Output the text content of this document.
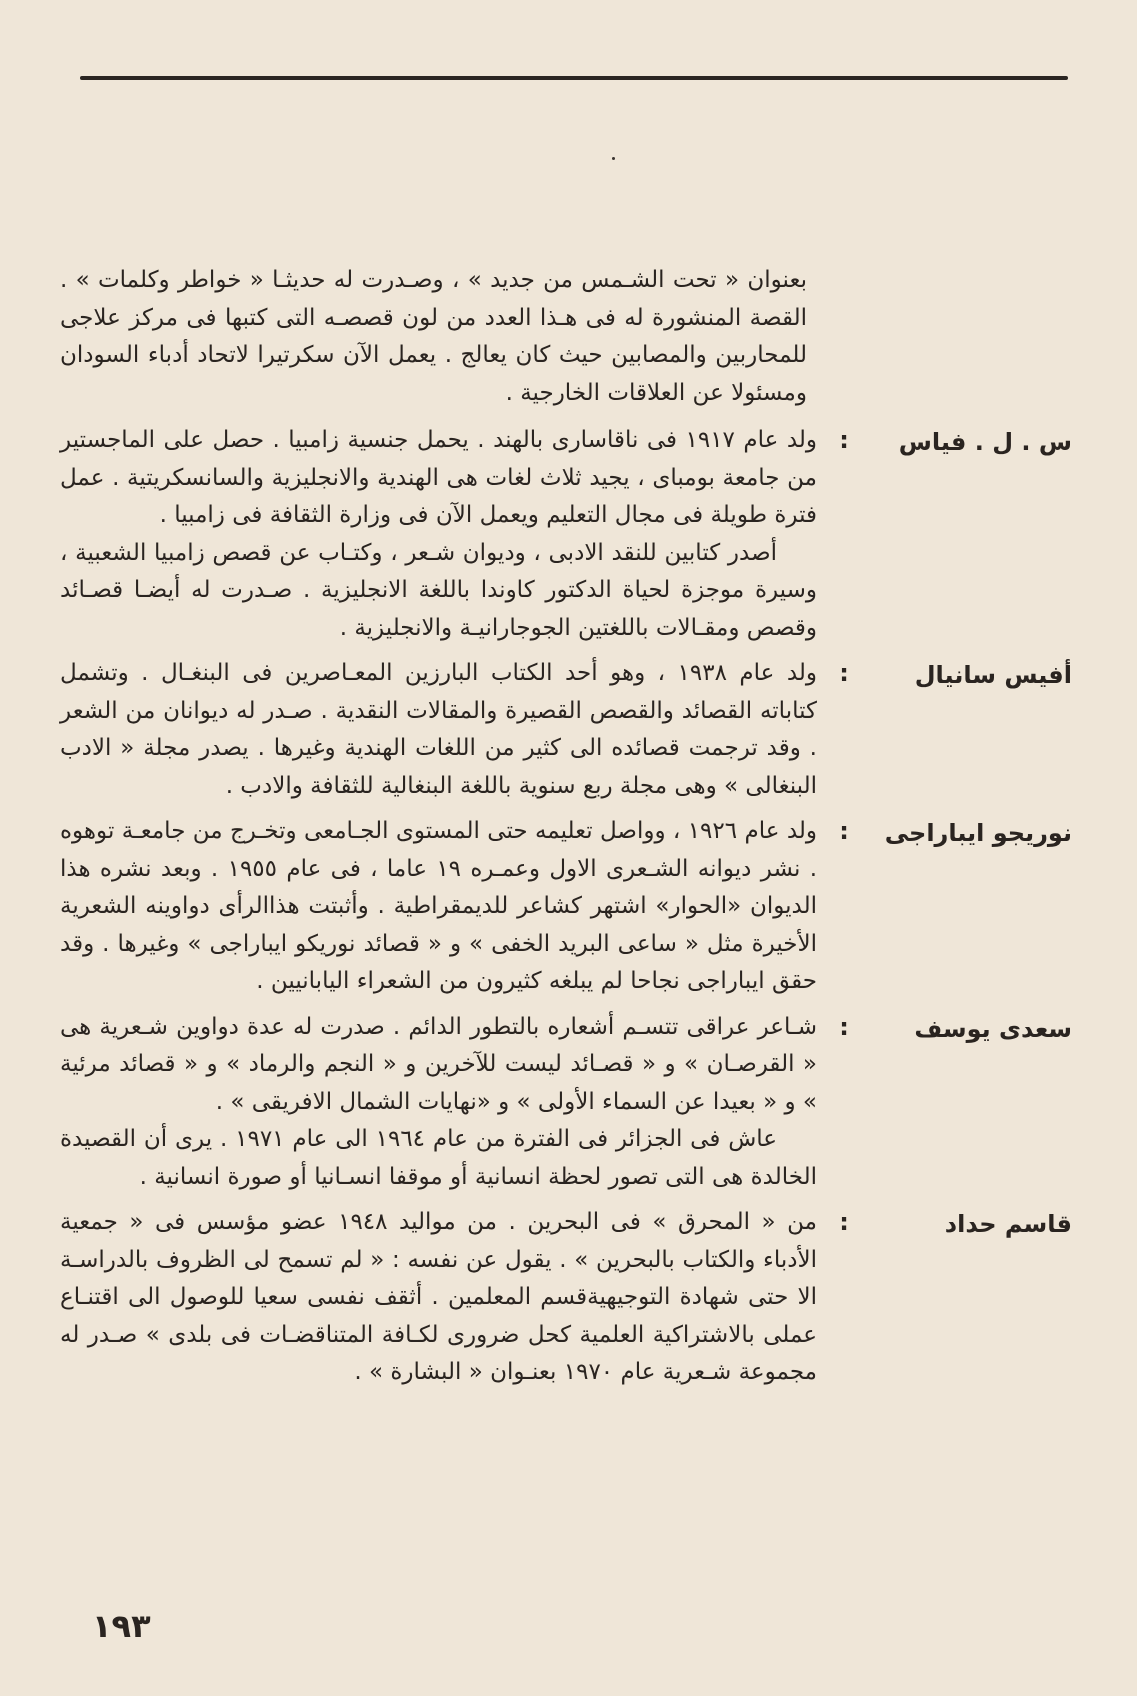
بعنوان « تحت الشـمس من جديد » ، وصـدرت له حديثـا « خواطر وكلمات » . القصة المنشورة له فى هـذا العدد من لون قصصـه التى كتبها فى مركز علاجى للمحاربين والمصابين حيث كان يعالج . يعمل الآن سكرتيرا لاتحاد أدباء السودان ومسئولا عن العلاقات الخارجية .

س . ل . فياس
:

ولد عام ١٩١٧ فى ناقاسارى بالهند . يحمل جنسية زامبيا . حصل على الماجستير من جامعة بومباى ، يجيد ثلاث لغات هى الهندية والانجليزية والسانسكريتية . عمل فترة طويلة فى مجال التعليم ويعمل الآن فى وزارة الثقافة فى زامبيا .

أصدر كتابين للنقد الادبى ، وديوان شـعر ، وكتـاب عن قصص زامبيا الشعبية ، وسيرة موجزة لحياة الدكتور كاوندا باللغة الانجليزية . صـدرت له أيضـا قصـائد وقصص ومقـالات باللغتين الجوجارانيـة والانجليزية .

أفيس سانيال
:

ولد عام ١٩٣٨ ، وهو أحد الكتاب البارزين المعـاصرين فى البنغـال . وتشمل كتاباته القصائد والقصص القصيرة والمقالات النقدية . صـدر له ديوانان من الشعر . وقد ترجمت قصائده الى كثير من اللغات الهندية وغيرها . يصدر مجلة « الادب البنغالى » وهى مجلة ربع سنوية باللغة البنغالية للثقافة والادب .

نوريجو ايباراجى
:

ولد عام ١٩٢٦ ، وواصل تعليمه حتى المستوى الجـامعى وتخـرج من جامعـة توهوه . نشر ديوانه الشـعرى الاول وعمـره ١٩ عاما ، فى عام ١٩٥٥ . وبعد نشره هذا الديوان «الحوار» اشتهر كشاعر للديمقراطية . وأثبتت هذاالرأى دواوينه الشعرية الأخيرة مثل « ساعى البريد الخفى » و « قصائد نوريكو ايباراجى » وغيرها . وقد حقق ايباراجى نجاحا لم يبلغه كثيرون من الشعراء اليابانيين .

سعدى يوسف
:

شـاعر عراقى تتسـم أشعاره بالتطور الدائم . صدرت له عدة دواوين شـعرية هى « القرصـان » و « قصـائد ليست للآخرين و « النجم والرماد » و « قصائد مرئية » و « بعيدا عن السماء الأولى » و «نهايات الشمال الافريقى » .

عاش فى الجزائر فى الفترة من عام ١٩٦٤ الى عام ١٩٧١ . يرى أن القصيدة الخالدة هى التى تصور لحظة انسانية أو موقفا انسـانيا أو صورة انسانية .

قاسم حداد
:

من « المحرق » فى البحرين . من مواليد ١٩٤٨ عضو مؤسس فى « جمعية الأدباء والكتاب بالبحرين » . يقول عن نفسه : « لم تسمح لى الظروف بالدراسـة الا حتى شهادة التوجيهيةقسم المعلمين . أثقف نفسى سعيا للوصول الى اقتنـاع عملى بالاشتراكية العلمية كحل ضرورى لكـافة المتناقضـات فى بلدى » صـدر له مجموعة شـعرية عام ١٩٧٠ بعنـوان « البشارة » .

١٩٣
